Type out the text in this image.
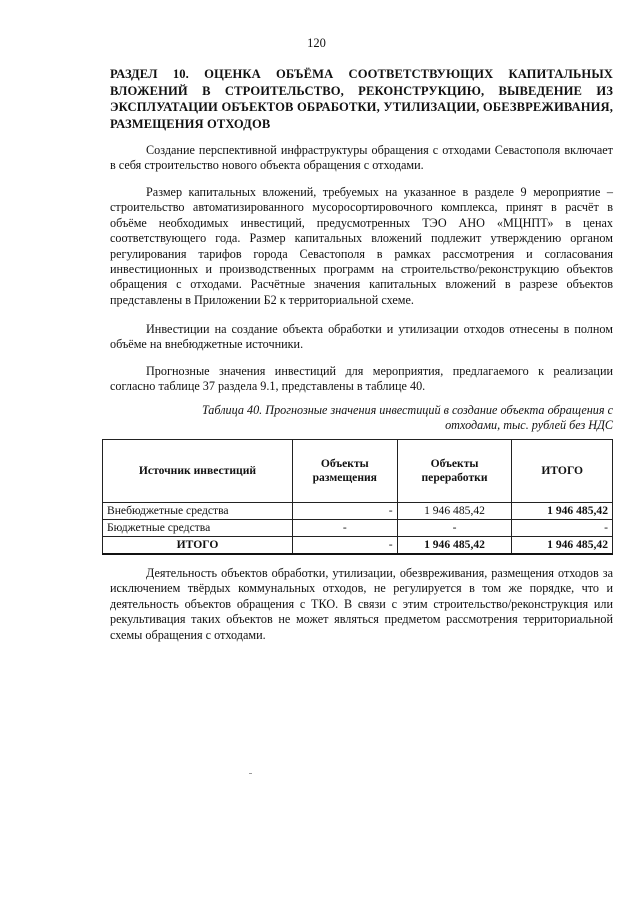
120
РАЗДЕЛ 10. ОЦЕНКА ОБЪЁМА СООТВЕТСТВУЮЩИХ КАПИТАЛЬНЫХ ВЛОЖЕНИЙ В СТРОИТЕЛЬСТВО, РЕКОНСТРУКЦИЮ, ВЫВЕДЕНИЕ ИЗ ЭКСПЛУАТАЦИИ ОБЪЕКТОВ ОБРАБОТКИ, УТИЛИЗАЦИИ, ОБЕЗВРЕЖИВАНИЯ, РАЗМЕЩЕНИЯ ОТХОДОВ

Создание перспективной инфраструктуры обращения с отходами Севастополя включает в себя строительство нового объекта обращения с отходами.

Размер капитальных вложений, требуемых на указанное в разделе 9 мероприятие – строительство автоматизированного мусоросортировочного комплекса, принят в расчёт в объёме необходимых инвестиций, предусмотренных ТЭО АНО «МЦНПТ» в ценах соответствующего года. Размер капитальных вложений подлежит утверждению органом регулирования тарифов города Севастополя в рамках рассмотрения и согласования инвестиционных и производственных программ на строительство/реконструкцию объектов обращения с отходами. Расчётные значения капитальных вложений в разрезе объектов представлены в Приложении Б2 к территориальной схеме.

Инвестиции на создание объекта обработки и утилизации отходов отнесены в полном объёме на внебюджетные источники.

Прогнозные значения инвестиций для мероприятия, предлагаемого к реализации согласно таблице 37 раздела 9.1, представлены в таблице 40.

Таблица 40. Прогнозные значения инвестиций в создание объекта обращения с отходами, тыс. рублей без НДС
Источник инвестиций	Объекты размещения	Объекты переработки	ИТОГО
Внебюджетные средства	-	1 946 485,42	1 946 485,42
Бюджетные средства	-	-	-
ИТОГО	-	1 946 485,42	1 946 485,42

Деятельность объектов обработки, утилизации, обезвреживания, размещения отходов за исключением твёрдых коммунальных отходов, не регулируется в том же порядке, что и деятельность объектов обращения с ТКО. В связи с этим строительство/реконструкция или рекультивация таких объектов не может являться предметом рассмотрения территориальной схемы обращения с отходами.
